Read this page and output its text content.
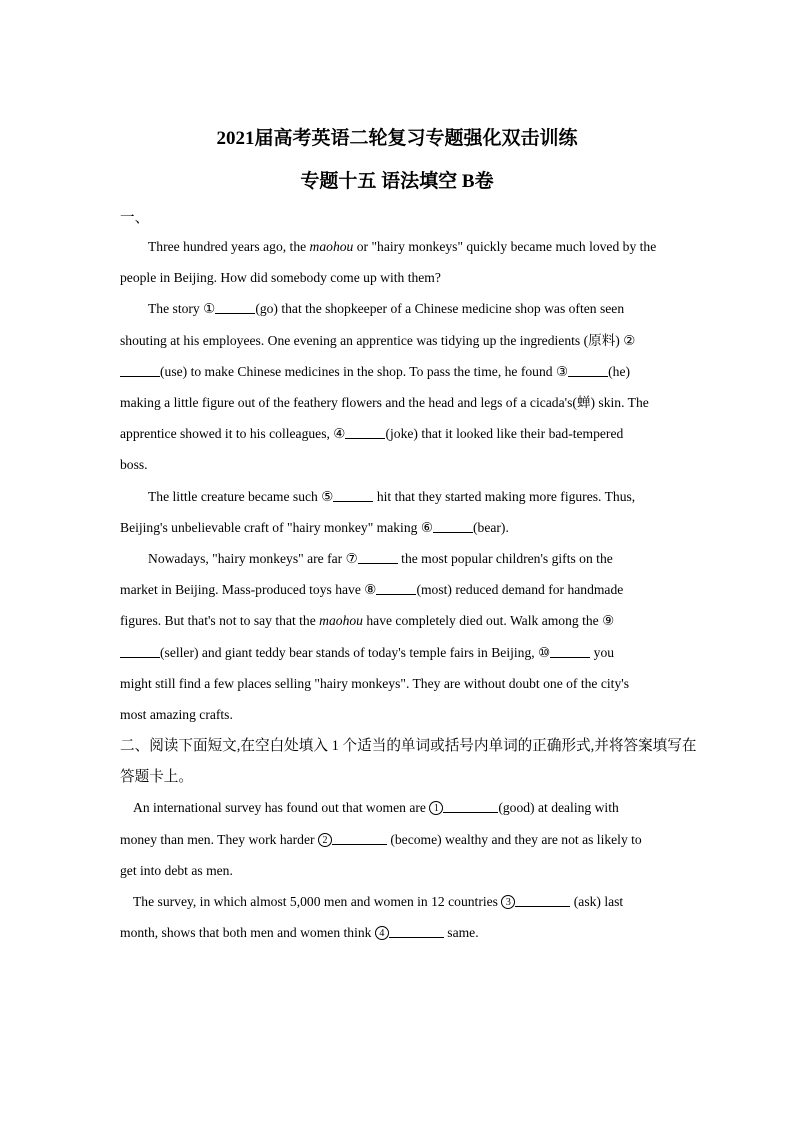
2021届高考英语二轮复习专题强化双击训练
专题十五 语法填空 B卷
一、
Three hundred years ago, the maohou or "hairy monkeys" quickly became much loved by the
people in Beijing. How did somebody come up with them?
The story ①	(go) that the shopkeeper of a Chinese medicine shop was often seen
shouting at his employees. One evening an apprentice was tidying up the ingredients (原料) ②
(use) to make Chinese medicines in the shop. To pass the time, he found ③	(he)
making a little figure out of the feathery flowers and the head and legs of a cicada's(蝉) skin. The
apprentice showed it to his colleagues, ④	(joke) that it looked like their bad-tempered
boss.
The little creature became such ⑤	hit that they started making more figures. Thus,
Beijing's unbelievable craft of "hairy monkey" making ⑥	(bear).
Nowadays, "hairy monkeys" are far ⑦	the most popular children's gifts on the
market in Beijing. Mass-produced toys have ⑧	(most) reduced demand for handmade
figures. But that's not to say that the maohou have completely died out. Walk among the ⑨
(seller) and giant teddy bear stands of today's temple fairs in Beijing, ⑩	you
might still find a few places selling "hairy monkeys". They are without doubt one of the city's
most amazing crafts.
二、阅读下面短文,在空白处填入 1 个适当的单词或括号内单词的正确形式,并将答案填写在
答题卡上。
An international survey has found out that women are 1	(good) at dealing with
money than men. They work harder 2	(become) wealthy and they are not as likely to
get into debt as men.
The survey, in which almost 5,000 men and women in 12 countries 3	(ask) last
month, shows that both men and women think 4	same.
